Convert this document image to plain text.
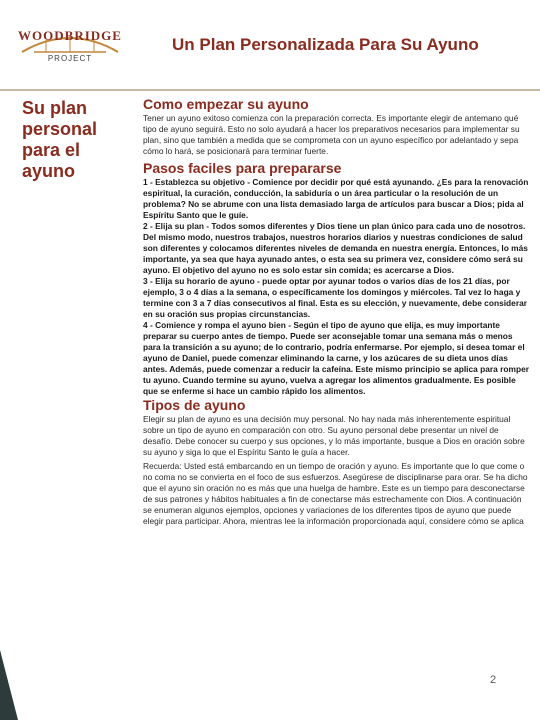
WOODBRIDGE
PROJECT
Un Plan Personalizada Para Su Ayuno
Su plan personal para el ayuno
Como empezar su ayuno

Tener un ayuno exitoso comienza con la preparación correcta. Es importante elegir de antemano qué tipo de ayuno seguirá. Esto no solo ayudará a hacer los preparativos necesarios para implementar su plan, sino que también a medida que se comprometa con un ayuno específico por adelantado y sepa cómo lo hará, se posicionará para terminar fuerte.

Pasos faciles para prepararse

1 - Establezca su objetivo - Comience por decidir por qué está ayunando. ¿Es para la renovación espiritual, la curación, conducción, la sabiduría o un área particular o la resolución de un problema? No se abrume con una lista demasiado larga de artículos para buscar a Dios; pida al Espíritu Santo que le guíe.

2 - Elija su plan - Todos somos diferentes y Dios tiene un plan único para cada uno de nosotros. Del mismo modo, nuestros trabajos, nuestros horarios diarios y nuestras condiciones de salud son diferentes y colocamos diferentes niveles de demanda en nuestra energía. Entonces, lo más importante, ya sea que haya ayunado antes, o esta sea su primera vez, considere cómo será su ayuno. El objetivo del ayuno no es solo estar sin comida; es acercarse a Dios.

3 - Elija su horario de ayuno - puede optar por ayunar todos o varios días de los 21 días, por ejemplo, 3 o 4 días a la semana, o específicamente los domingos y miércoles. Tal vez lo haga y termine con 3 a 7 días consecutivos al final. Esta es su elección, y nuevamente, debe considerar en su oración sus propias circunstancias.

4 - Comience y rompa el ayuno bien - Según el tipo de ayuno que elija, es muy importante preparar su cuerpo antes de tiempo. Puede ser aconsejable tomar una semana más o menos para la transición a su ayuno; de lo contrario, podría enfermarse. Por ejemplo, si desea tomar el ayuno de Daniel, puede comenzar eliminando la carne, y los azúcares de su dieta unos días antes. Además, puede comenzar a reducir la cafeína. Este mismo principio se aplica para romper tu ayuno. Cuando termine su ayuno, vuelva a agregar los alimentos gradualmente. Es posible que se enferme si hace un cambio rápido los alimentos.

Tipos de ayuno

Elegir su plan de ayuno es una decisión muy personal. No hay nada más inherentemente espiritual sobre un tipo de ayuno en comparación con otro. Su ayuno personal debe presentar un nivel de desafío. Debe conocer su cuerpo y sus opciones, y lo más importante, busque a Dios en oración sobre su ayuno y siga lo que el Espíritu Santo le guía a hacer.

Recuerda: Usted está embarcando en un tiempo de oración y ayuno. Es importante que lo que come o no coma no se convierta en el foco de sus esfuerzos. Asegúrese de disciplinarse para orar. Se ha dicho que el ayuno sin oración no es más que una huelga de hambre. Este es un tiempo para desconectarse de sus patrones y hábitos habituales a fin de conectarse más estrechamente con Dios. A continuación se enumeran algunos ejemplos, opciones y variaciones de los diferentes tipos de ayuno que puede elegir para participar. Ahora, mientras lee la información proporcionada aquí, considere cómo se aplica

2
